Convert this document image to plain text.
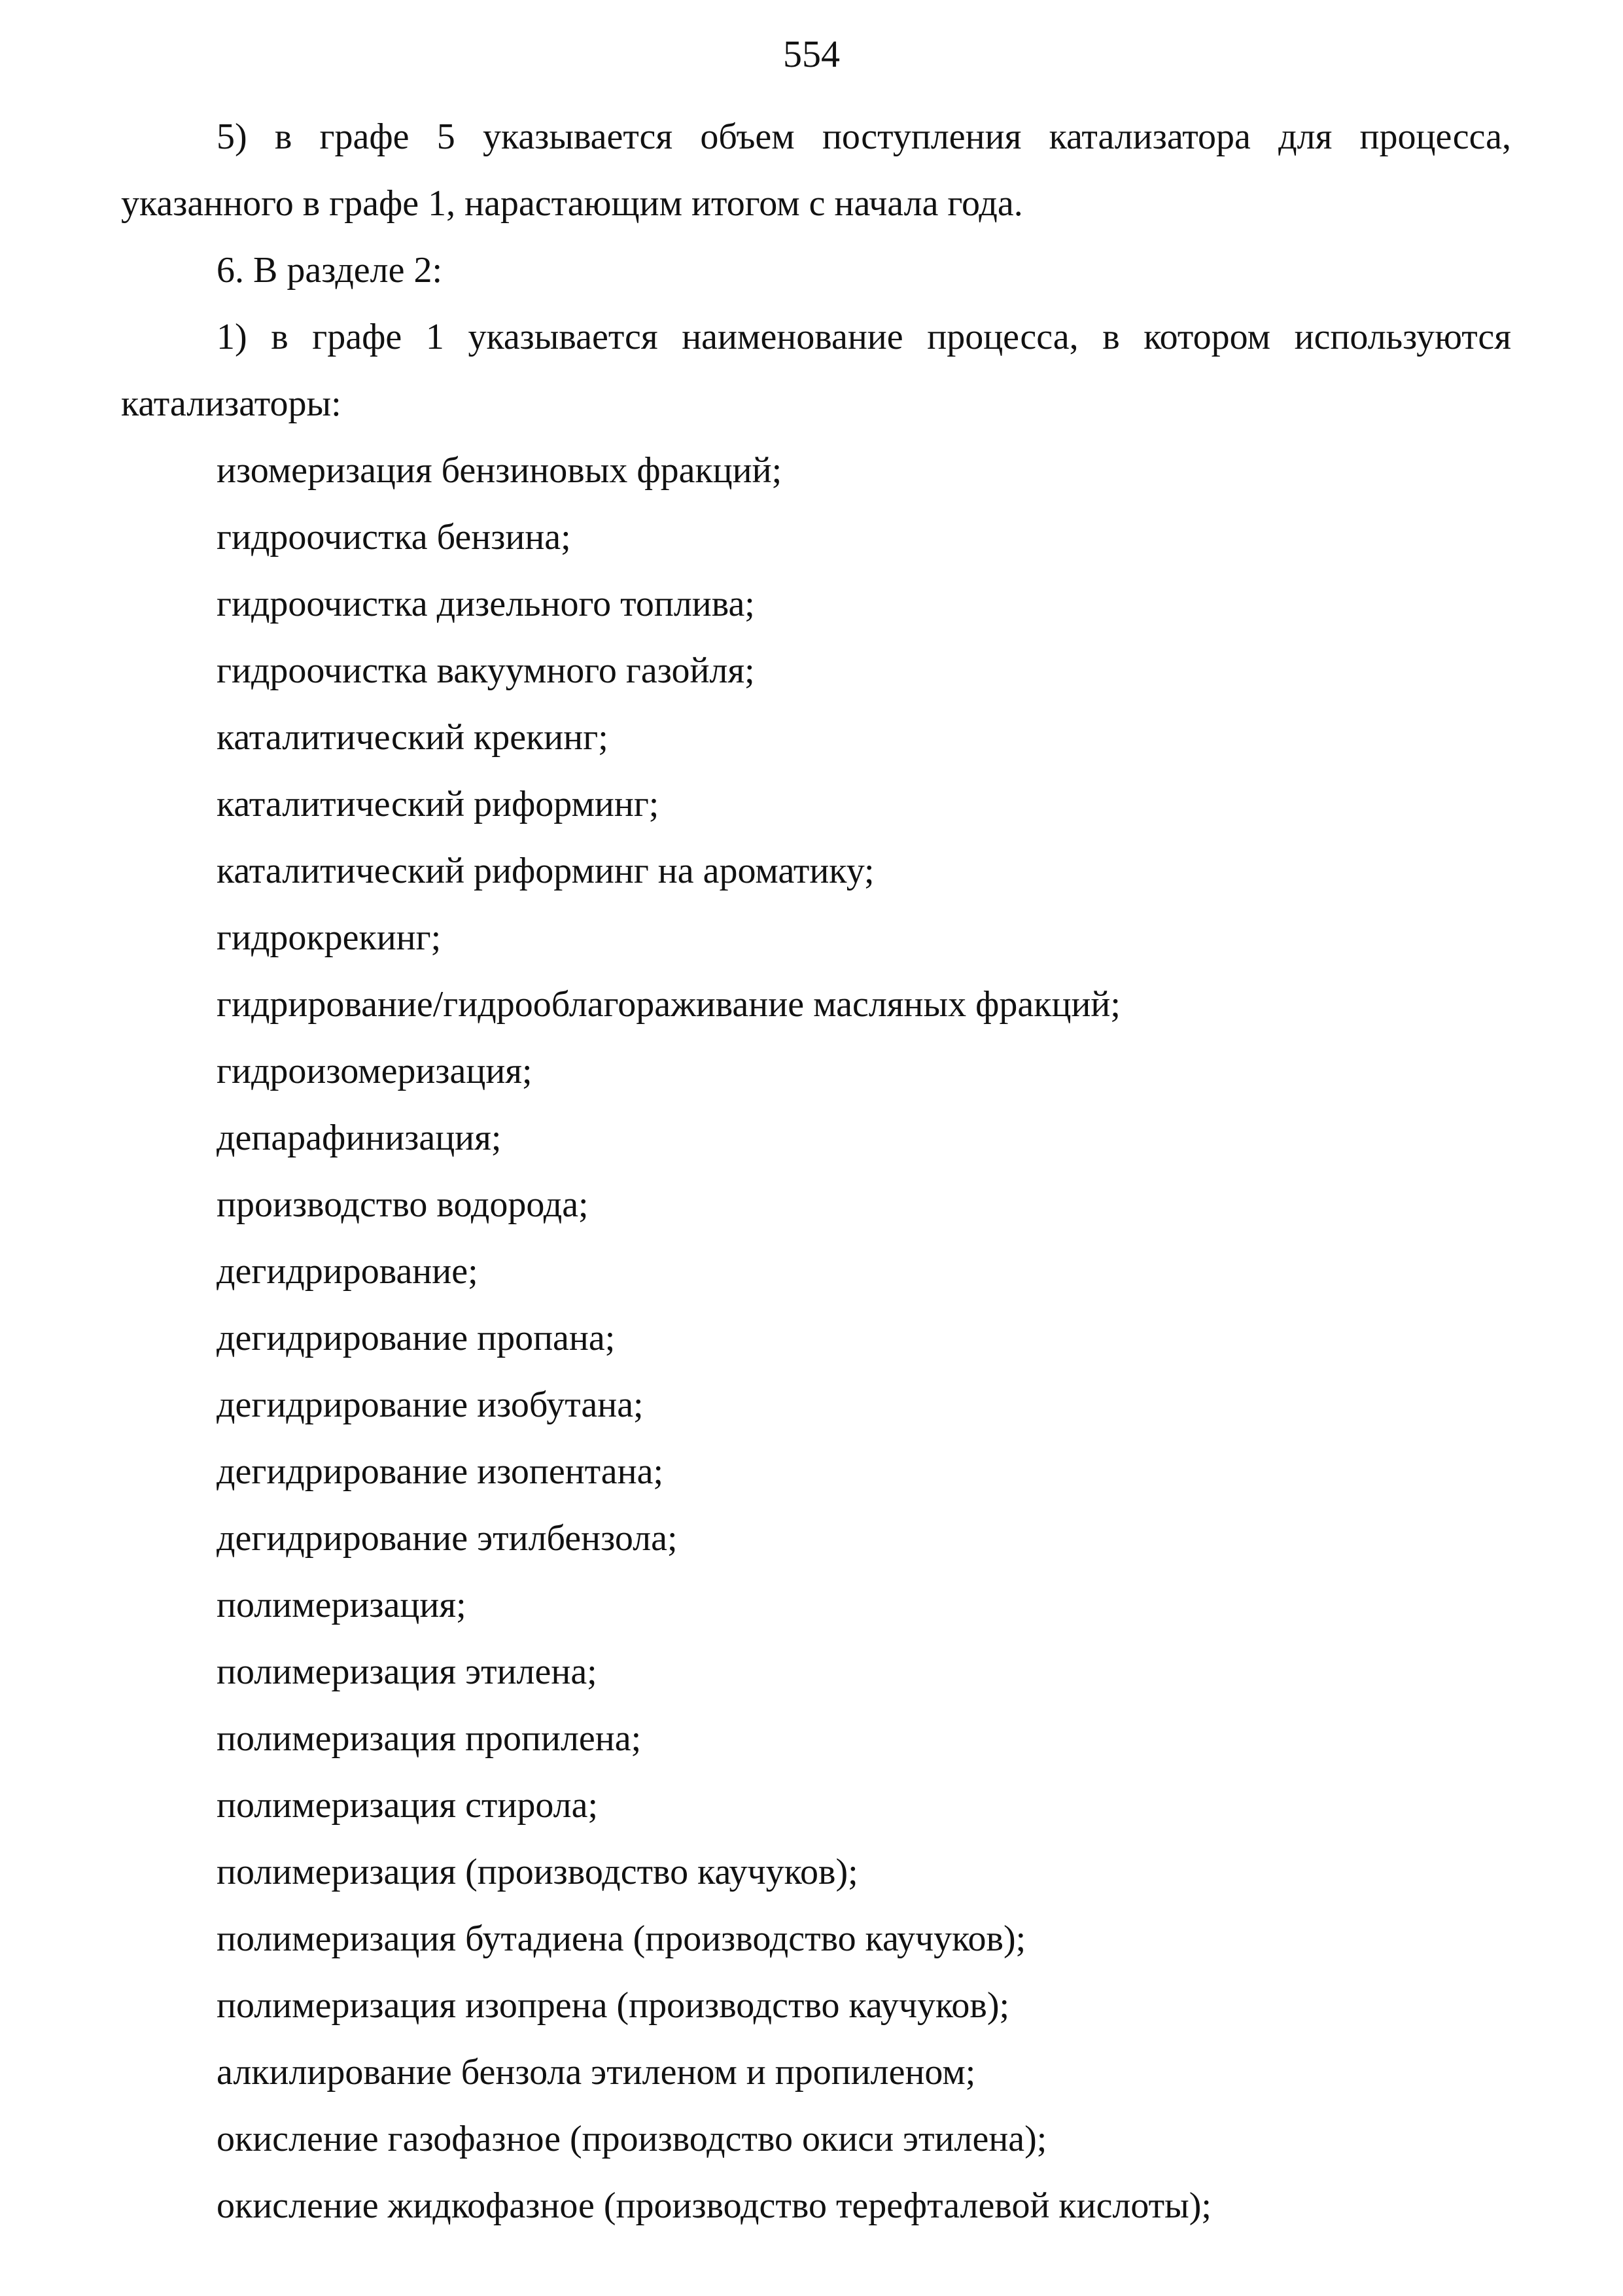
554

5) в графе 5 указывается объем поступления катализатора для процесса, указанного в графе 1, нарастающим итогом с начала года.

6. В разделе 2:

1) в графе 1 указывается наименование процесса, в котором используются катализаторы:

изомеризация бензиновых фракций;
гидроочистка бензина;
гидроочистка дизельного топлива;
гидроочистка вакуумного газойля;
каталитический крекинг;
каталитический риформинг;
каталитический риформинг на ароматику;
гидрокрекинг;
гидрирование/гидрооблагораживание масляных фракций;
гидроизомеризация;
депарафинизация;
производство водорода;
дегидрирование;
дегидрирование пропана;
дегидрирование изобутана;
дегидрирование изопентана;
дегидрирование этилбензола;
полимеризация;
полимеризация этилена;
полимеризация пропилена;
полимеризация стирола;
полимеризация (производство каучуков);
полимеризация бутадиена (производство каучуков);
полимеризация изопрена (производство каучуков);
алкилирование бензола этиленом и пропиленом;
окисление газофазное (производство окиси этилена);
окисление жидкофазное (производство терефталевой кислоты);
